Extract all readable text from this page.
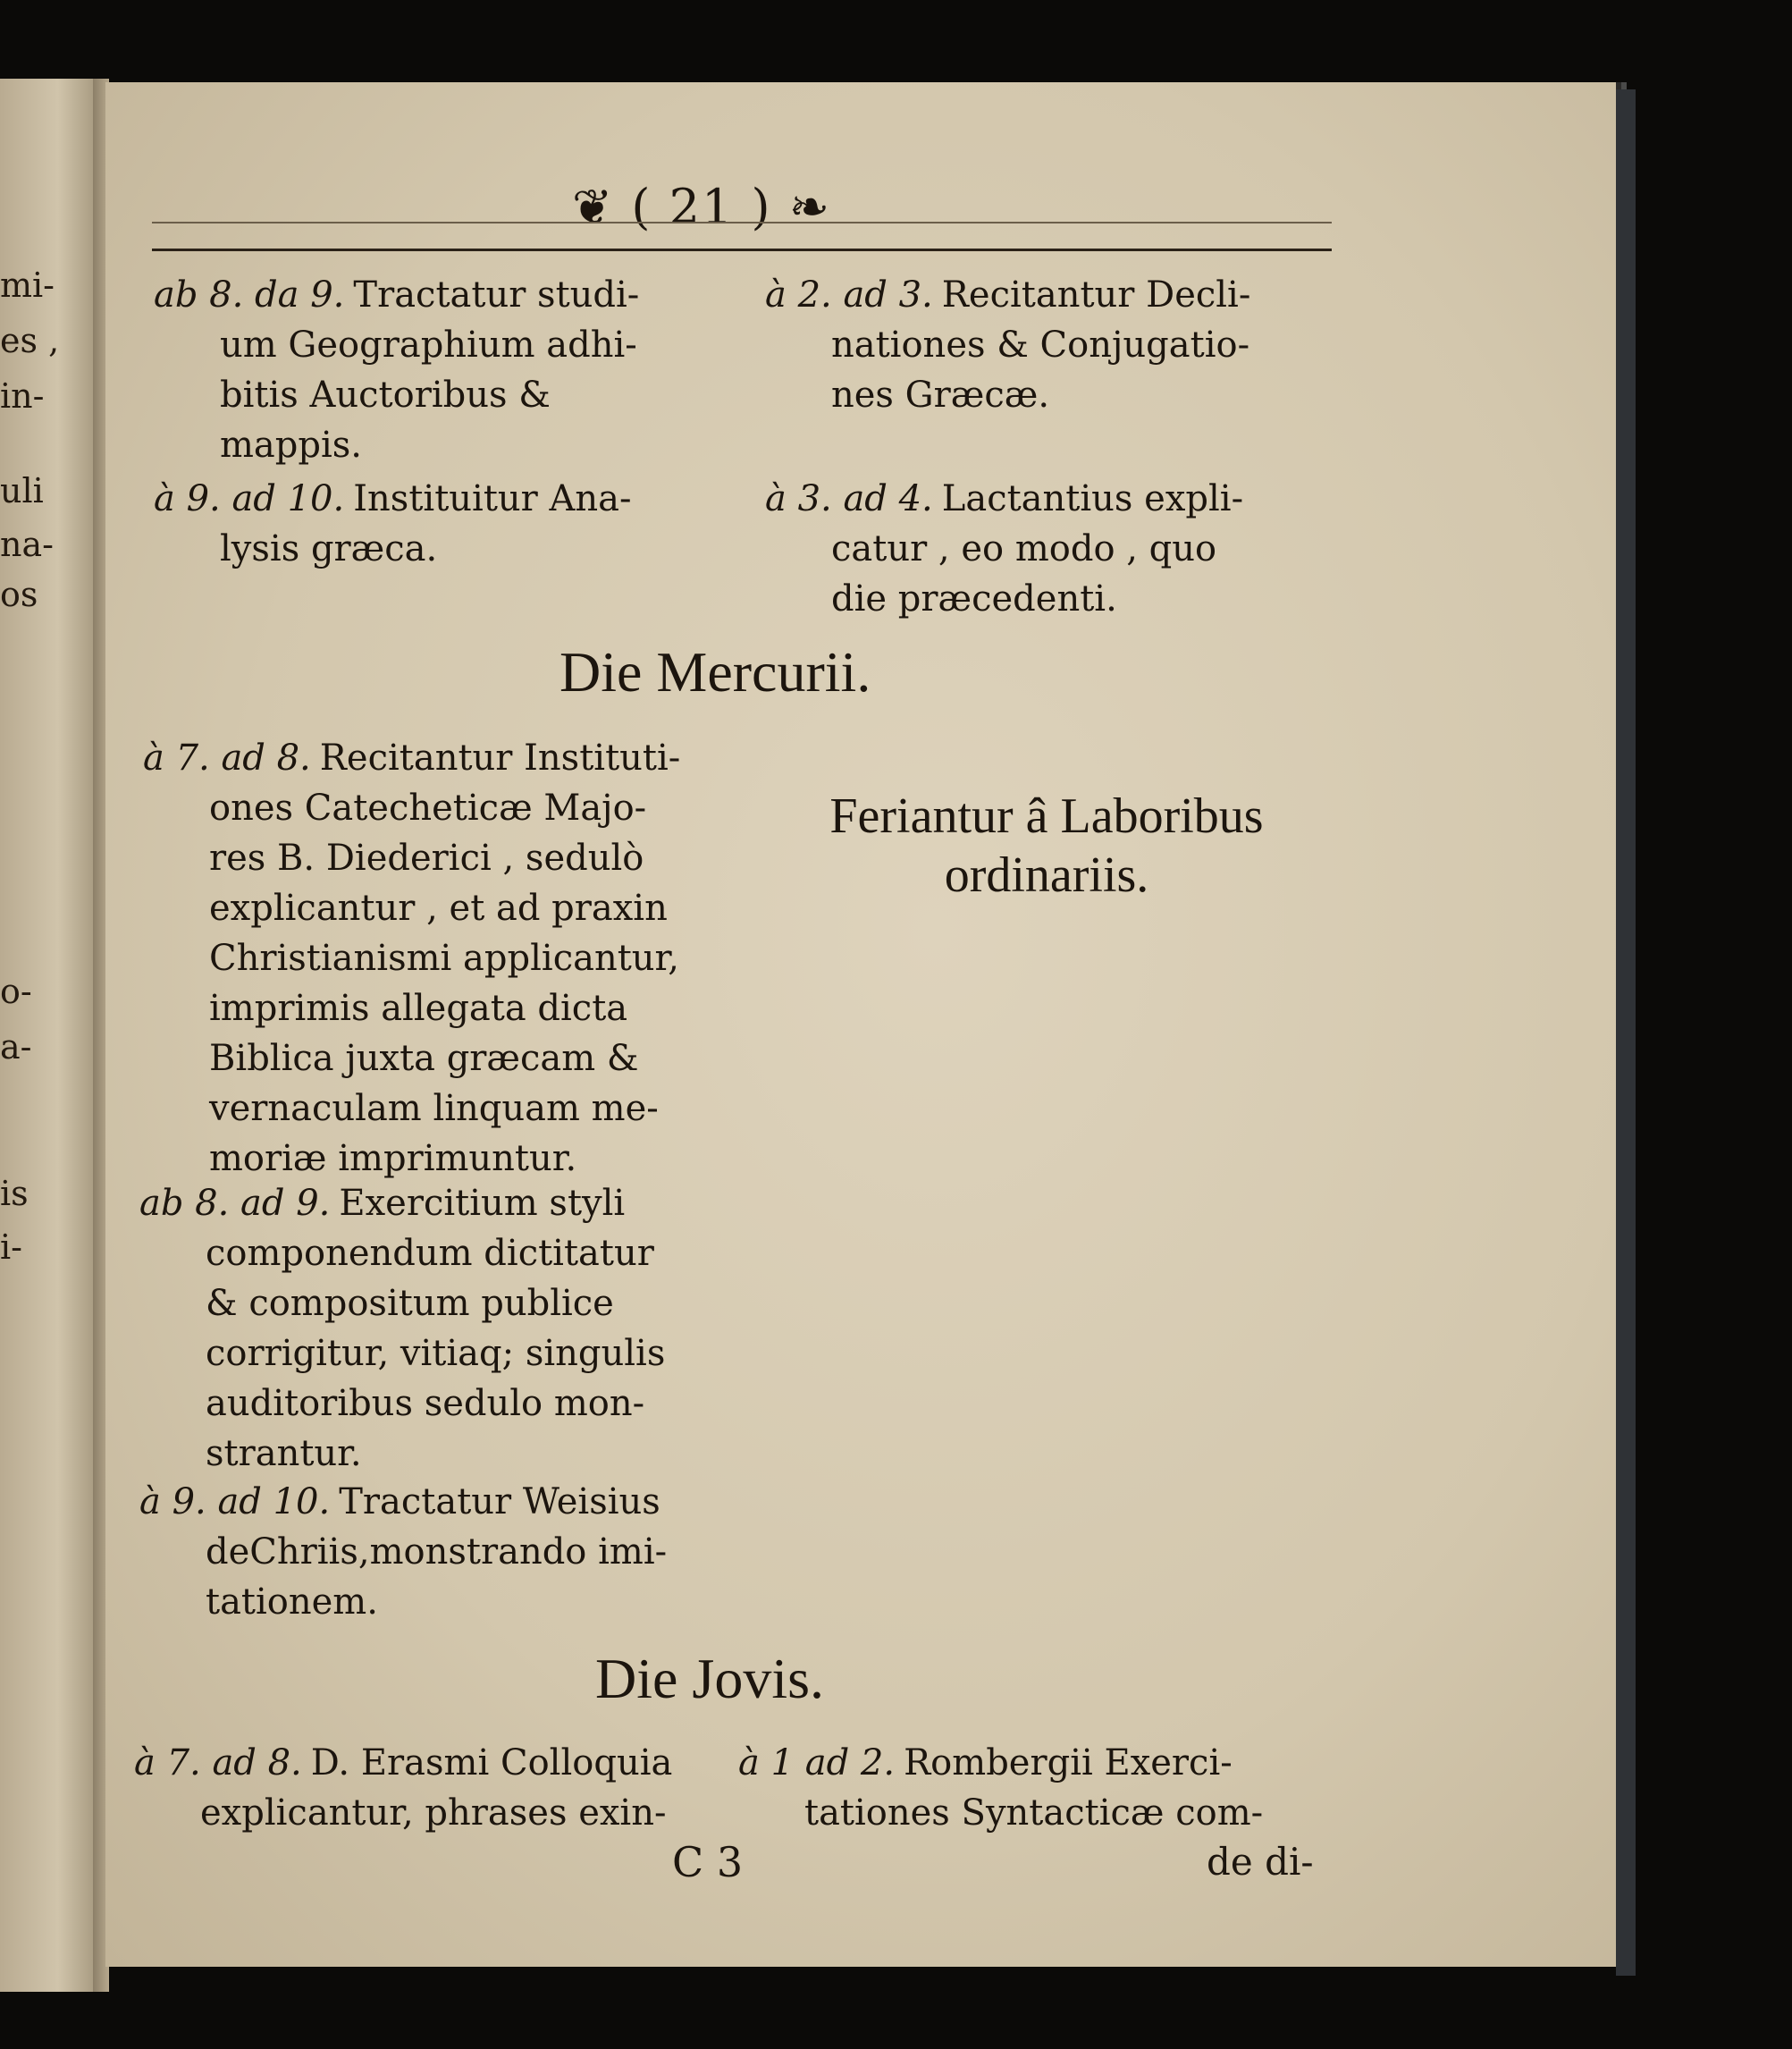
mi-
es ,
in-
uli
na-
os
o-
a-
is
i-
❦ ( 21 ) ❧
ab 8. da 9. Tractatur studi-
um Geographium adhi-
bitis Auctoribus &
mappis.
à 9. ad 10. Instituitur Ana-
lysis græca.
à 2. ad 3. Recitantur Decli-
nationes & Conjugatio-
nes Græcæ.
à 3. ad 4. Lactantius expli-
catur , eo modo , quo
die præcedenti.
Die Mercurii.
à 7. ad 8. Recitantur Instituti-
ones Catecheticæ Majo-
res B. Diederici , sedulò
explicantur , et ad praxin
Christianismi applicantur,
imprimis allegata dicta
Biblica juxta græcam &
vernaculam linquam me-
moriæ imprimuntur.
ab 8. ad 9. Exercitium styli
componendum dictitatur
& compositum publice
corrigitur, vitiaq; singulis
auditoribus sedulo mon-
strantur.
à 9. ad 10. Tractatur Weisius
deChriis,monstrando imi-
tationem.
Feriantur â Laboribus
ordinariis.
Die Jovis.
à 7. ad 8. D. Erasmi Colloquia
explicantur, phrases exin-
à 1 ad 2. Rombergii Exerci-
tationes Syntacticæ com-
C 3	de di-
